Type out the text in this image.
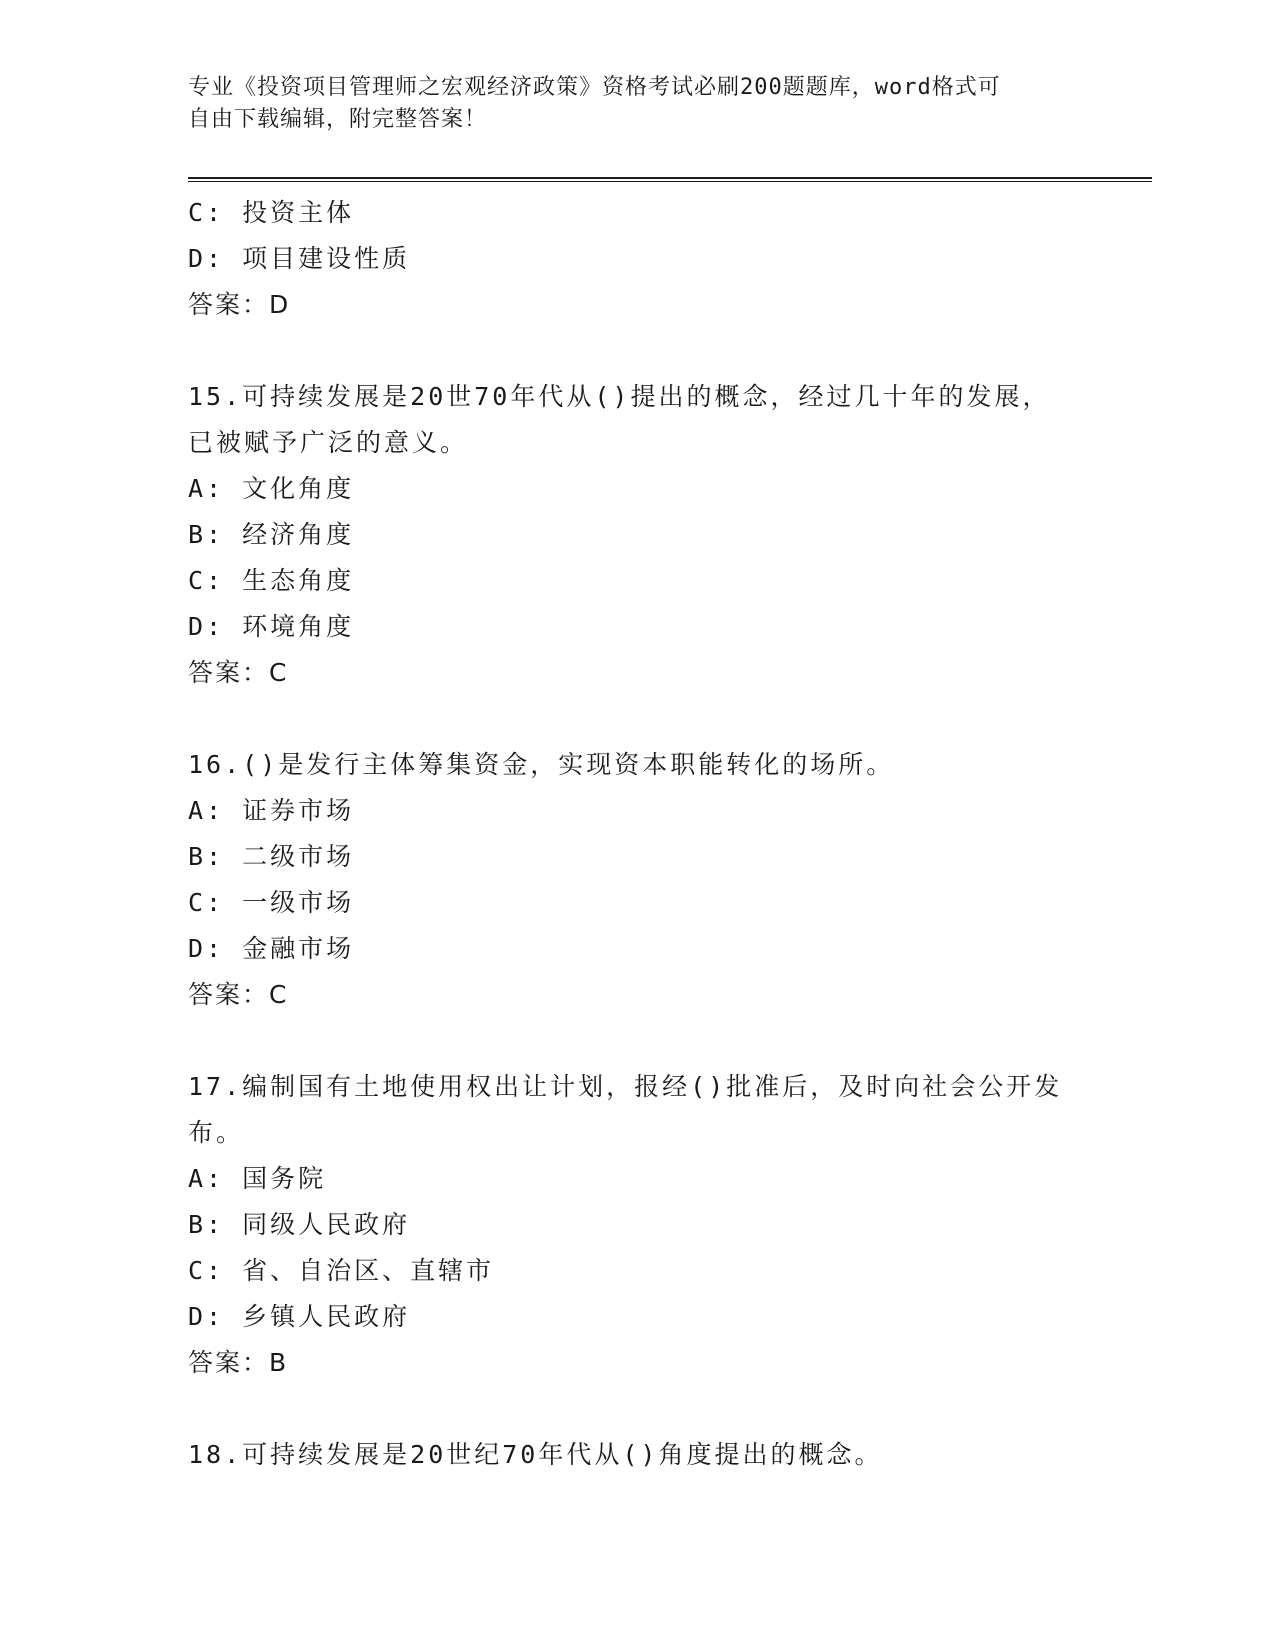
专业《投资项目管理师之宏观经济政策》资格考试必刷200题题库，word格式可
自由下载编辑，附完整答案！
C: 投资主体
D: 项目建设性质
答案：D
15.可持续发展是20世70年代从()提出的概念，经过几十年的发展，
已被赋予广泛的意义。
A: 文化角度
B: 经济角度
C: 生态角度
D: 环境角度
答案：C
16.()是发行主体筹集资金，实现资本职能转化的场所。
A: 证券市场
B: 二级市场
C: 一级市场
D: 金融市场
答案：C
17.编制国有土地使用权出让计划，报经()批准后，及时向社会公开发
布。
A: 国务院
B: 同级人民政府
C: 省、自治区、直辖市
D: 乡镇人民政府
答案：B
18.可持续发展是20世纪70年代从()角度提出的概念。
